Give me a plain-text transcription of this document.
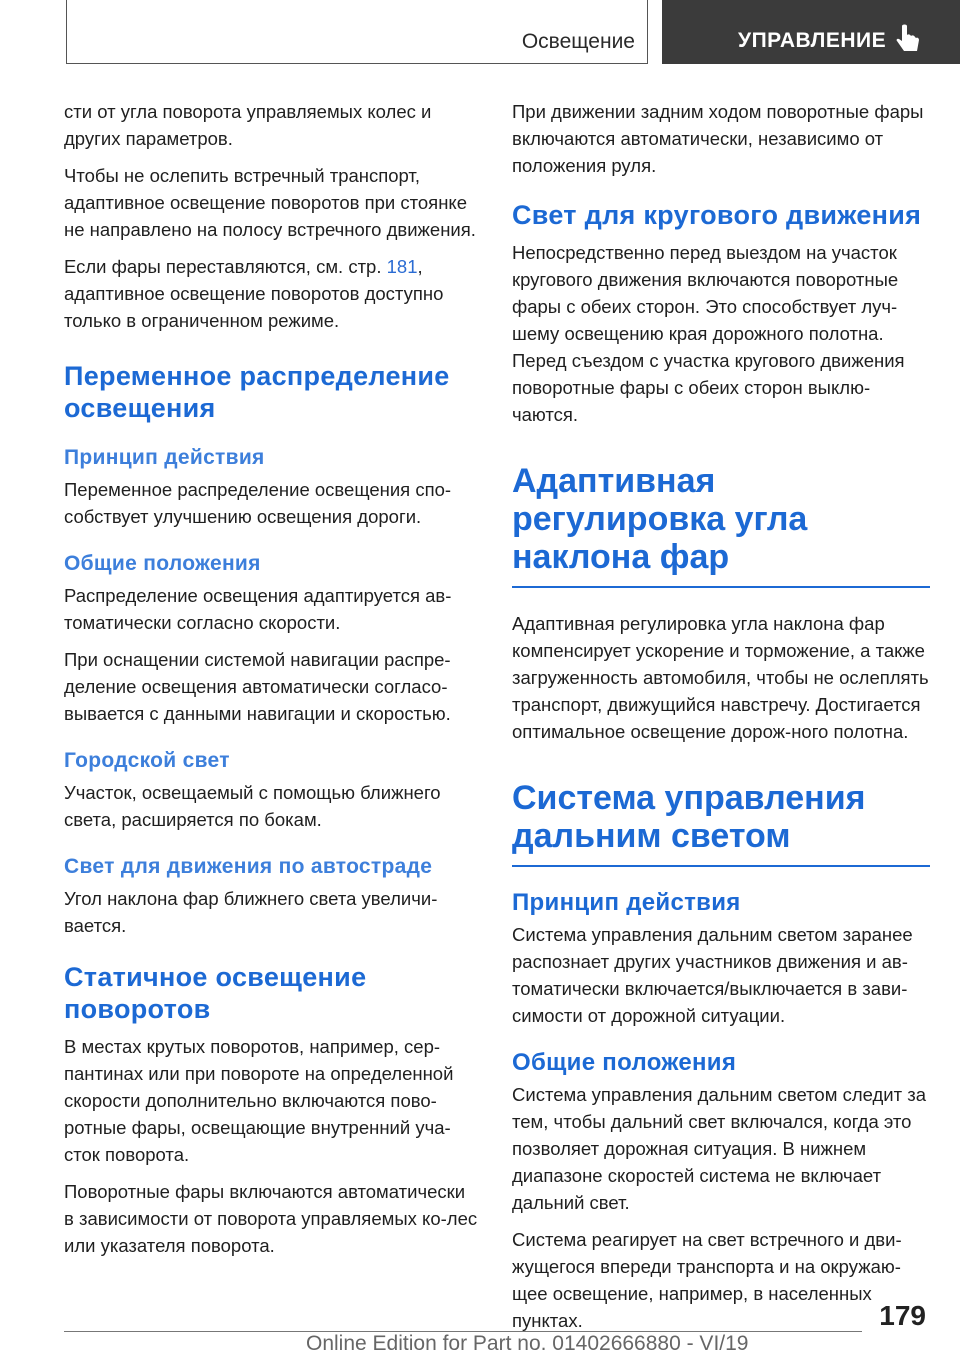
Освещение	УПРАВЛЕНИЕ

сти от угла поворота управляемых колес и других параметров.

Чтобы не ослепить встречный транспорт, адаптивное освещение поворотов при стоянке не направлено на полосу встречного движения.

Если фары переставляются, см. стр. 181, адаптивное освещение поворотов доступно только в ограниченном режиме.

Переменное распределение освещения
Принцип действия

Переменное распределение освещения спо-собствует улучшению освещения дороги.

Общие положения

Распределение освещения адаптируется ав-томатически согласно скорости.

При оснащении системой навигации распре-деление освещения автоматически согласо-вывается с данными навигации и скоростью.

Городской свет

Участок, освещаемый с помощью ближнего света, расширяется по бокам.

Свет для движения по автостраде

Угол наклона фар ближнего света увеличи-вается.

Статичное освещение поворотов

В местах крутых поворотов, например, сер-пантинах или при повороте на определенной скорости дополнительно включаются пово-ротные фары, освещающие внутренний уча-сток поворота.

Поворотные фары включаются автоматически в зависимости от поворота управляемых ко-лес или указателя поворота.

При движении задним ходом поворотные фары включаются автоматически, независимо от положения руля.

Свет для кругового движения

Непосредственно перед выездом на участок кругового движения включаются поворотные фары с обеих сторон. Это способствует луч-шему освещению края дорожного полотна. Перед съездом с участка кругового движения поворотные фары с обеих сторон выклю-чаются.

Адаптивная регулировка угла наклона фар

Адаптивная регулировка угла наклона фар компенсирует ускорение и торможение, а также загруженность автомобиля, чтобы не ослеплять транспорт, движущийся навстречу. Достигается оптимальное освещение дорож-ного полотна.

Система управления дальним светом
Принцип действия

Система управления дальним светом заранее распознает других участников движения и ав-томатически включается/выключается в зави-симости от дорожной ситуации.

Общие положения

Система управления дальним светом следит за тем, чтобы дальний свет включался, когда это позволяет дорожная ситуация. В нижнем диапазоне скоростей система не включает дальний свет.

Система реагирует на свет встречного и дви-жущегося впереди транспорта и на окружаю-щее освещение, например, в населенных пунктах.	179
Online Edition for Part no. 01402666880 - VI/19
